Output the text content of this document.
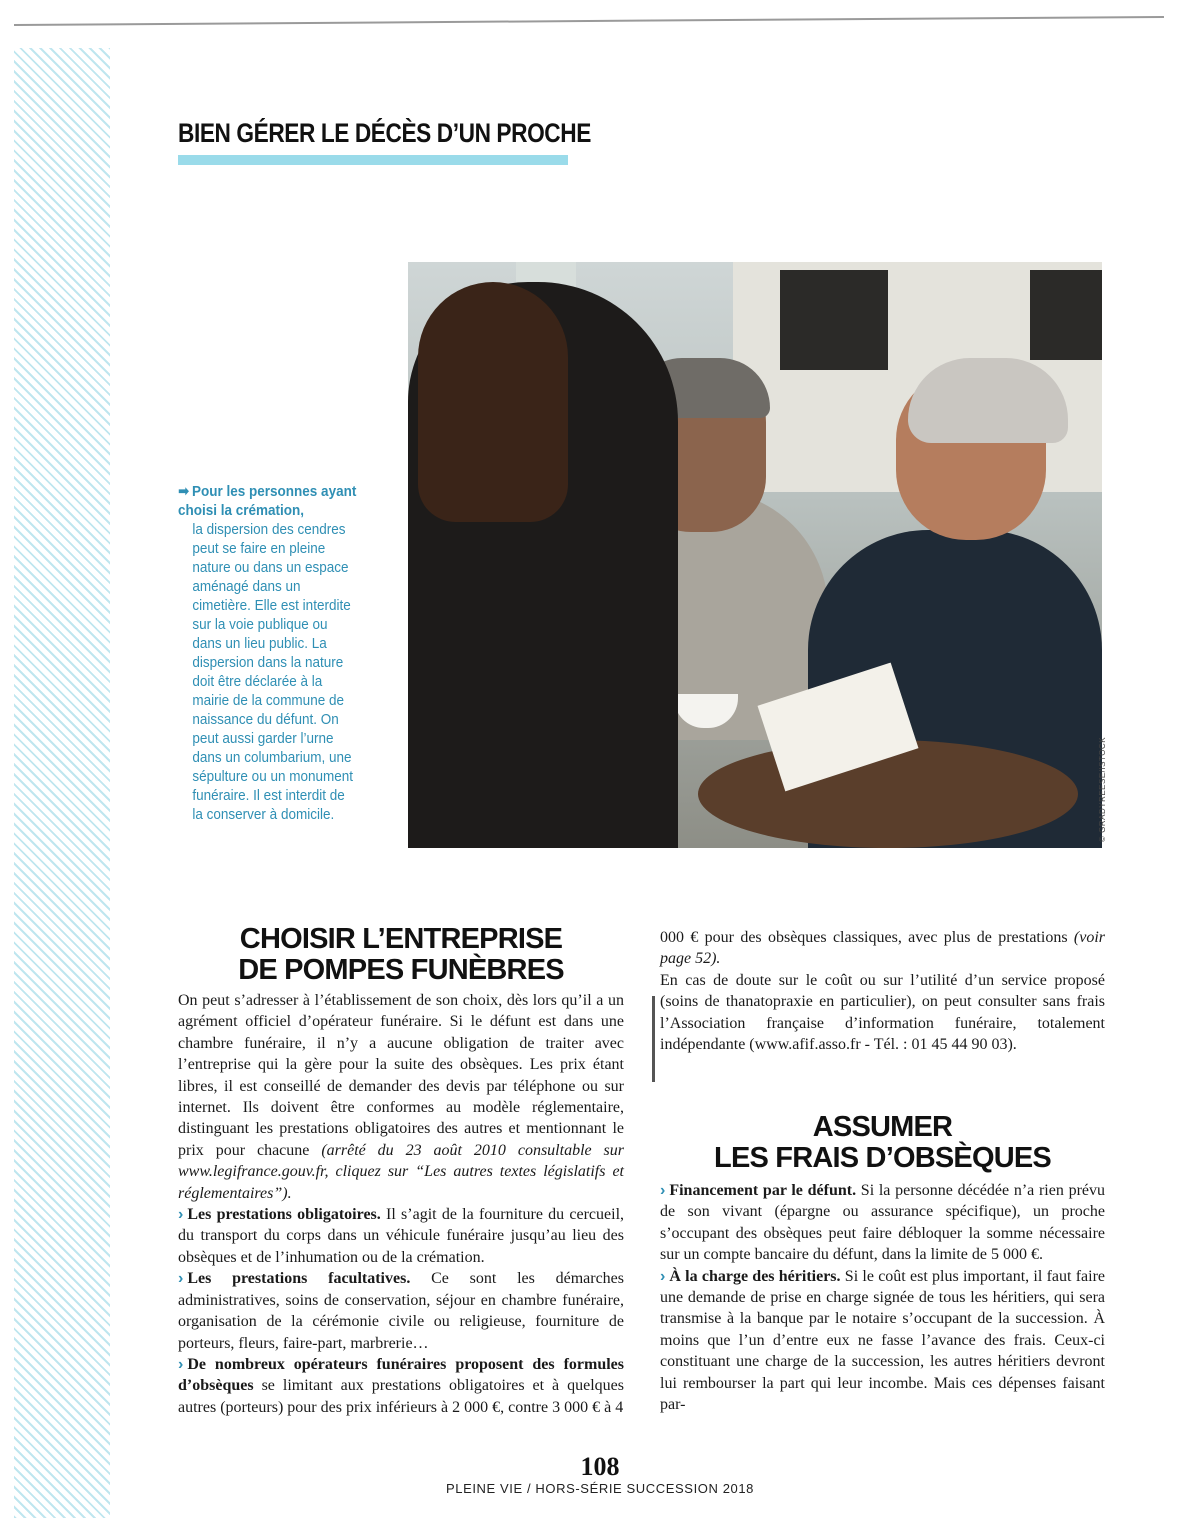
BIEN GÉRER LE DÉCÈS D’UN PROCHE
© GRADYREESE/ISTOCK
➡ Pour les personnes ayant choisi la crémation,
la dispersion des cendres peut se faire en pleine nature ou dans un espace aménagé dans un cimetière. Elle est interdite sur la voie publique ou dans un lieu public. La dispersion dans la nature doit être déclarée à la mairie de la commune de naissance du défunt. On peut aussi garder l’urne dans un columbarium, une sépulture ou un monument funéraire. Il est interdit de la conserver à domicile.
CHOISIR L’ENTREPRISE
DE POMPES FUNÈBRES

On peut s’adresser à l’établissement de son choix, dès lors qu’il a un agrément officiel d’opérateur funéraire. Si le défunt est dans une chambre funéraire, il n’y a aucune obligation de traiter avec l’entreprise qui la gère pour la suite des obsèques. Les prix étant libres, il est conseillé de demander des devis par téléphone ou sur internet. Ils doivent être conformes au modèle réglementaire, distinguant les prestations obligatoires des autres et mentionnant le prix pour chacune (arrêté du 23 août 2010 consultable sur www.legifrance.gouv.fr, cliquez sur “Les autres textes législatifs et réglementaires”).

› Les prestations obligatoires. Il s’agit de la fourniture du cercueil, du transport du corps dans un véhicule funéraire jusqu’au lieu des obsèques et de l’inhumation ou de la crémation.

› Les prestations facultatives. Ce sont les démarches administratives, soins de conservation, séjour en chambre funéraire, organisation de la cérémonie civile ou religieuse, fourniture de porteurs, fleurs, faire-part, marbrerie…

› De nombreux opérateurs funéraires proposent des formules d’obsèques se limitant aux prestations obligatoires et à quelques autres (porteurs) pour des prix inférieurs à 2 000 €, contre 3 000 € à 4

000 € pour des obsèques classiques, avec plus de prestations (voir page 52).

En cas de doute sur le coût ou sur l’utilité d’un service proposé (soins de thanatopraxie en particulier), on peut consulter sans frais l’Association française d’information funéraire, totalement indépendante (www.afif.asso.fr - Tél. : 01 45 44 90 03).

ASSUMER
LES FRAIS D’OBSÈQUES

› Financement par le défunt. Si la personne décédée n’a rien prévu de son vivant (épargne ou assurance spécifique), un proche s’occupant des obsèques peut faire débloquer la somme nécessaire sur un compte bancaire du défunt, dans la limite de 5 000 €.

› À la charge des héritiers. Si le coût est plus important, il faut faire une demande de prise en charge signée de tous les héritiers, qui sera transmise à la banque par le notaire s’occupant de la succession. À moins que l’un d’entre eux ne fasse l’avance des frais. Ceux-ci constituant une charge de la succession, les autres héritiers devront lui rembourser la part qui leur incombe. Mais ces dépenses faisant par-

108
PLEINE VIE / HORS-SÉRIE SUCCESSION 2018
